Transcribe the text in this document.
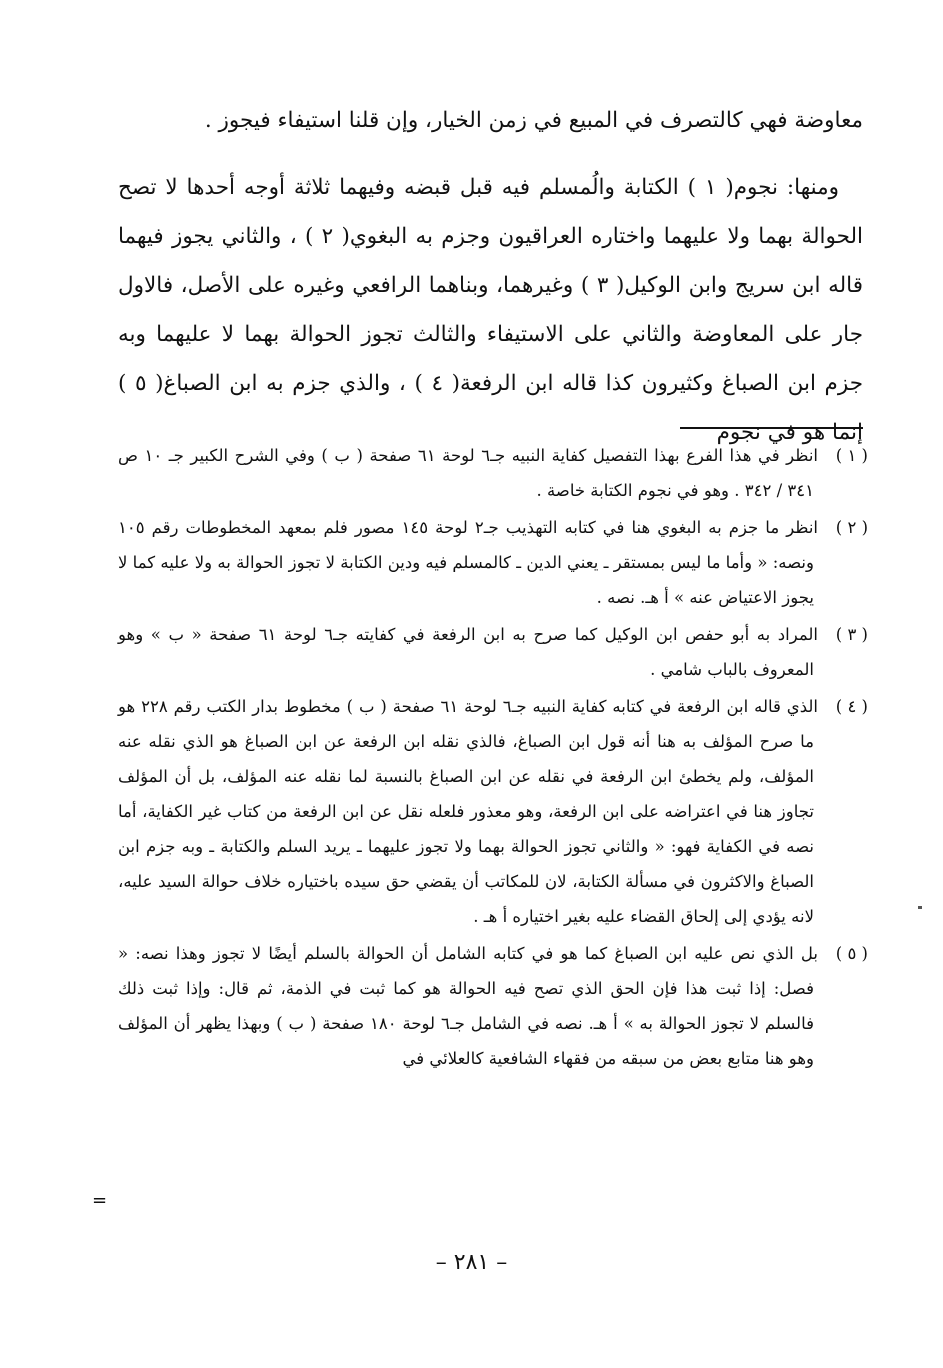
معاوضة فهي كالتصرف في المبيع في زمن الخيار، وإن قلنا استيفاء فيجوز .

ومنها: نجوم( ١ ) الكتابة والُمسلم فيه قبل قبضه وفيهما ثلاثة أوجه أحدها لا تصح الحوالة بهما ولا عليهما واختاره العراقيون وجزم به البغوي( ٢ ) ، والثاني يجوز فيهما قاله ابن سريج وابن الوكيل( ٣ ) وغيرهما، وبناهما الرافعي وغيره على الأصل، فالاول جار على المعاوضة والثاني على الاستيفاء والثالث تجوز الحوالة بهما لا عليهما وبه جزم ابن الصباغ وكثيرون كذا قاله ابن الرفعة( ٤ ) ، والذي جزم به ابن الصباغ( ٥ ) إنما هو في نجوم

( ١ )انظر في هذا الفرع بهذا التفصيل كفاية النبيه جـ٦ لوحة ٦١ صفحة ( ب ) وفي الشرح الكبير جـ ١٠ ص ٣٤١ / ٣٤٢ . وهو في نجوم الكتابة خاصة .

( ٢ )انظر ما جزم به البغوي هنا في كتابه التهذيب جـ٢ لوحة ١٤٥ مصور فلم بمعهد المخطوطات رقم ١٠٥ ونصه: « وأما ما ليس بمستقر ـ يعني الدين ـ كالمسلم فيه ودين الكتابة لا تجوز الحوالة به ولا عليه كما لا يجوز الاعتياض عنه » أ هـ. نصه .

( ٣ )المراد به أبو حفص ابن الوكيل كما صرح به ابن الرفعة في كفايته جـ٦ لوحة ٦١ صفحة « ب » وهو المعروف بالباب شامي .

( ٤ )الذي قاله ابن الرفعة في كتابه كفاية النبيه جـ٦ لوحة ٦١ صفحة ( ب ) مخطوط بدار الكتب رقم ٢٢٨ هو ما صرح المؤلف به هنا أنه قول ابن الصباغ، فالذي نقله ابن الرفعة عن ابن الصباغ هو الذي نقله عنه المؤلف، ولم يخطئ ابن الرفعة في نقله عن ابن الصباغ بالنسبة لما نقله عنه المؤلف، بل أن المؤلف تجاوز هنا في اعتراضه على ابن الرفعة، وهو معذور فلعله نقل عن ابن الرفعة من كتاب غير الكفاية، أما نصه في الكفاية فهو: « والثاني تجوز الحوالة بهما ولا تجوز عليهما ـ يريد السلم والكتابة ـ وبه جزم ابن الصباغ والاكثرون في مسألة الكتابة، لان للمكاتب أن يقضي حق سيده باختياره خلاف حوالة السيد عليه، لانه يؤدي إلى إلحاق القضاء عليه بغير اختياره أ هـ .

( ٥ )بل الذي نص عليه ابن الصباغ كما هو في كتابه الشامل أن الحوالة بالسلم أيضًا لا تجوز وهذا نصه: « فصل: إذا ثبت هذا فإن الحق الذي تصح فيه الحوالة هو كما ثبت في الذمة، ثم قال: وإذا ثبت ذلك فالسلم لا تجوز الحوالة به » أ هـ. نصه في الشامل جـ٦ لوحة ١٨٠ صفحة ( ب ) وبهذا يظهر أن المؤلف وهو هنا متابع بعض من سبقه من فقهاء الشافعية كالعلائي في

=
– ٢٨١ –
